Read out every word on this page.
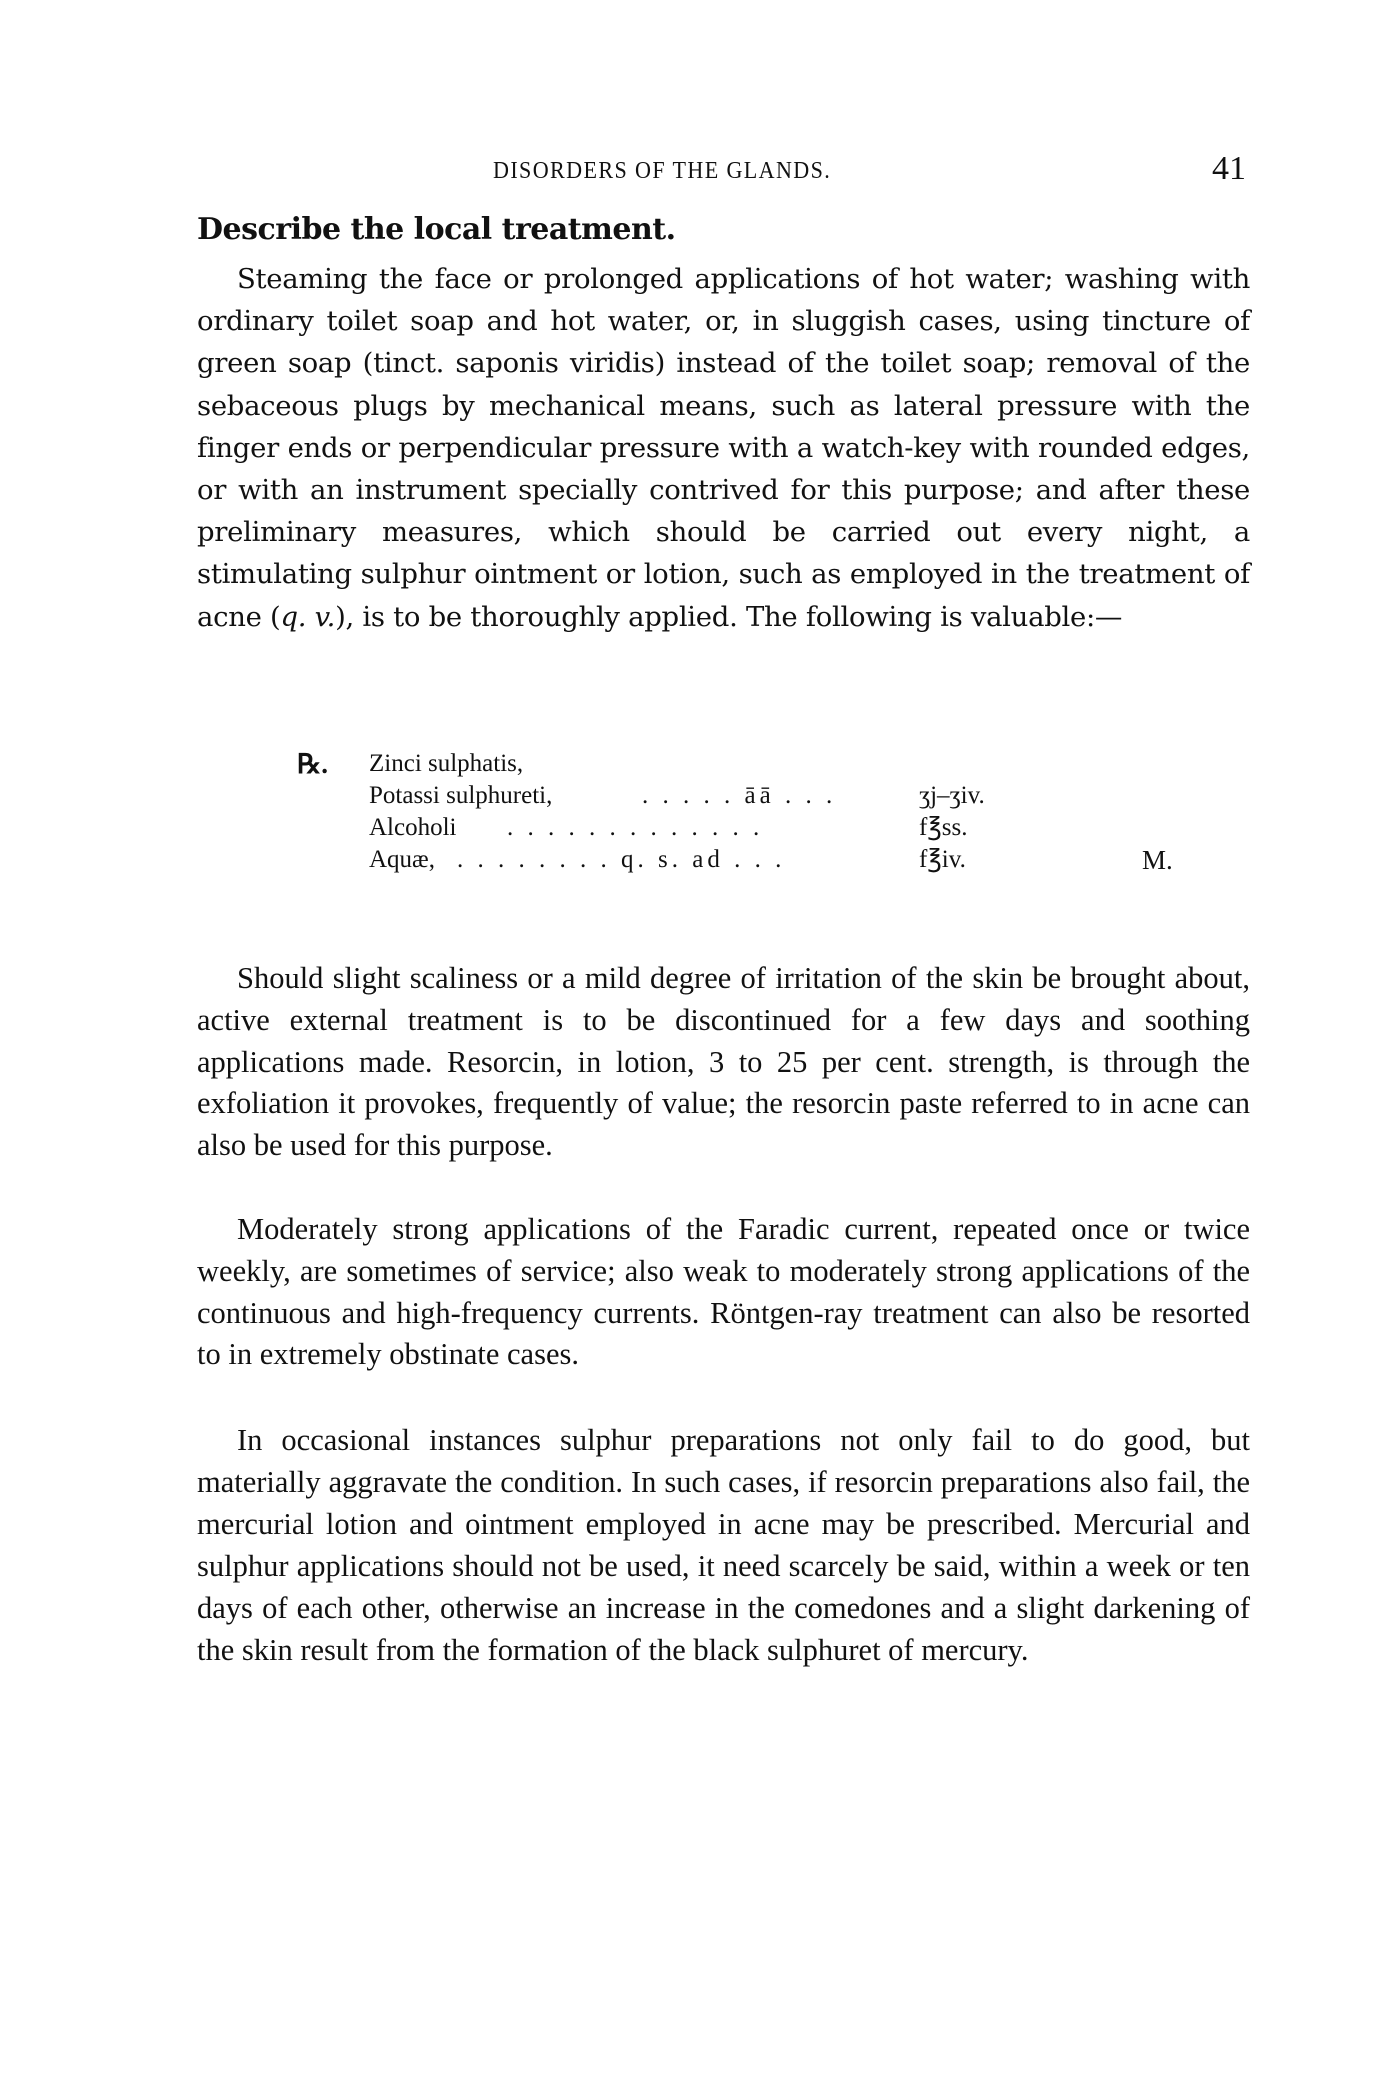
DISORDERS OF THE GLANDS.	41
Describe the local treatment.

Steaming the face or prolonged applications of hot water; washing with ordinary toilet soap and hot water, or, in sluggish cases, using tincture of green soap (tinct. saponis viridis) instead of the toilet soap; removal of the sebaceous plugs by mechanical means, such as lateral pressure with the finger ends or perpendicular pressure with a watch-key with rounded edges, or with an instrument specially contrived for this purpose; and after these preliminary measures, which should be carried out every night, a stimulating sulphur ointment or lotion, such as employed in the treatment of acne (q. v.), is to be thoroughly applied. The following is valuable:—

℞. Zinci sulphatis,
Potassi sulphureti,	. . . . . āā . . .	ʒj–ʒiv.
Alcoholi . . . . . . . . . . . . .	f℥ss.
Aquæ, . . . . . . . . q. s. ad . . .	f℥iv.	M.

Should slight scaliness or a mild degree of irritation of the skin be brought about, active external treatment is to be discontinued for a few days and soothing applications made. Resorcin, in lotion, 3 to 25 per cent. strength, is through the exfoliation it provokes, frequently of value; the resorcin paste referred to in acne can also be used for this purpose.

Moderately strong applications of the Faradic current, repeated once or twice weekly, are sometimes of service; also weak to moderately strong applications of the continuous and high-frequency currents. Röntgen-ray treatment can also be resorted to in extremely obstinate cases.

In occasional instances sulphur preparations not only fail to do good, but materially aggravate the condition. In such cases, if resorcin preparations also fail, the mercurial lotion and ointment employed in acne may be prescribed. Mercurial and sulphur applications should not be used, it need scarcely be said, within a week or ten days of each other, otherwise an increase in the comedones and a slight darkening of the skin result from the formation of the black sulphuret of mercury.
